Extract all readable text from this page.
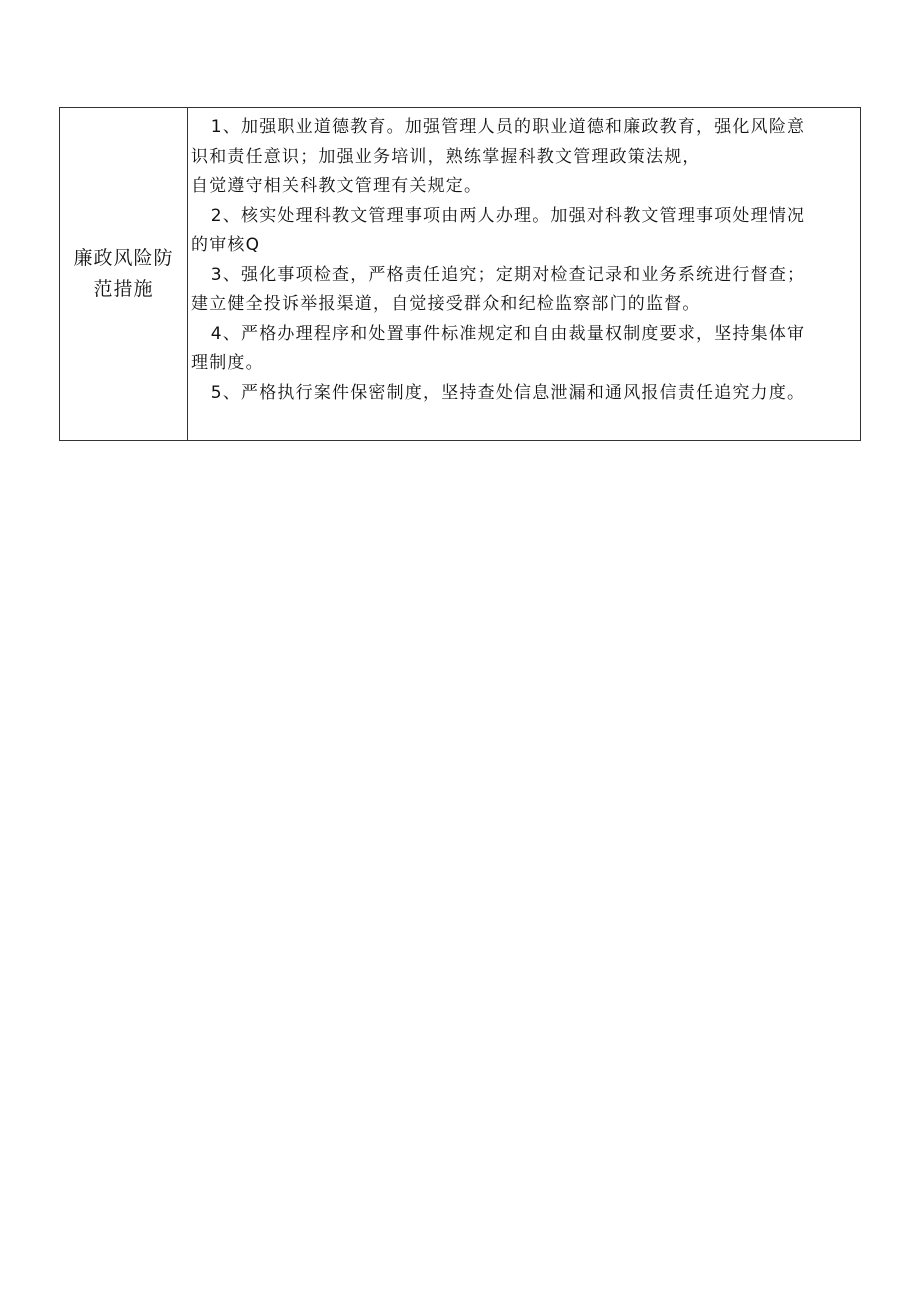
廉政风险防
范措施

1、加强职业道德教育。加强管理人员的职业道德和廉政教育，强化风险意
识和责任意识；加强业务培训，熟练掌握科教文管理政策法规，
自觉遵守相关科教文管理有关规定。
2、核实处理科教文管理事项由两人办理。加强对科教文管理事项处理情况
的审核Q
3、强化事项检查，严格责任追究；定期对检查记录和业务系统进行督查；
建立健全投诉举报渠道，自觉接受群众和纪检监察部门的监督。
4、严格办理程序和处置事件标准规定和自由裁量权制度要求，坚持集体审
理制度。
5、严格执行案件保密制度，坚持查处信息泄漏和通风报信责任追究力度。
